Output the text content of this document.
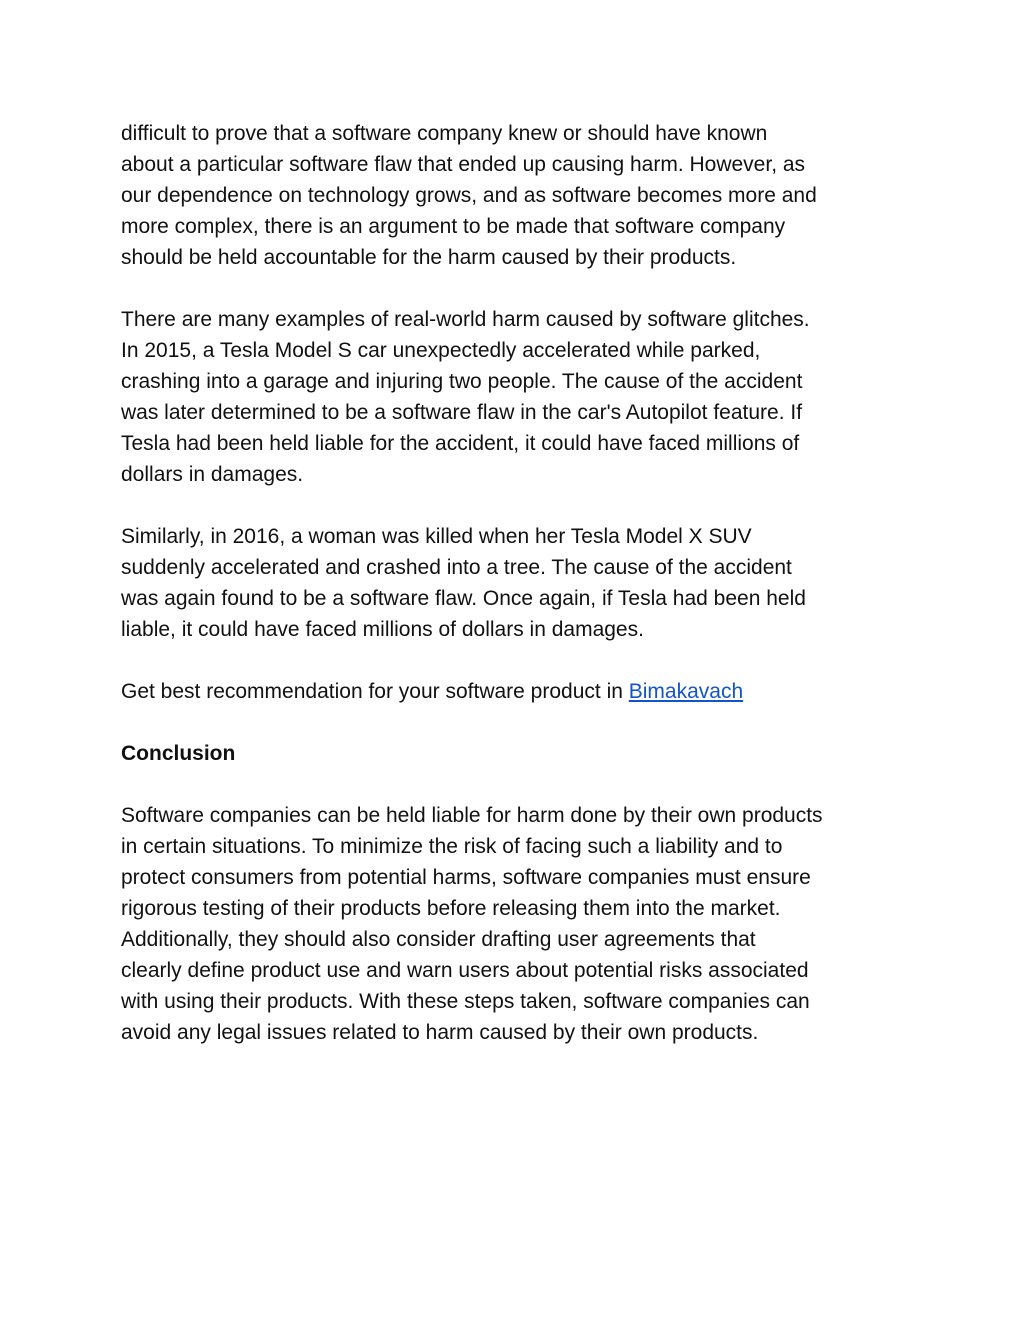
difficult to prove that a software company knew or should have known
about a particular software flaw that ended up causing harm. However, as
our dependence on technology grows, and as software becomes more and
more complex, there is an argument to be made that software company
should be held accountable for the harm caused by their products.

There are many examples of real-world harm caused by software glitches.
In 2015, a Tesla Model S car unexpectedly accelerated while parked,
crashing into a garage and injuring two people. The cause of the accident
was later determined to be a software flaw in the car's Autopilot feature. If
Tesla had been held liable for the accident, it could have faced millions of
dollars in damages.

Similarly, in 2016, a woman was killed when her Tesla Model X SUV
suddenly accelerated and crashed into a tree. The cause of the accident
was again found to be a software flaw. Once again, if Tesla had been held
liable, it could have faced millions of dollars in damages.

Get best recommendation for your software product in Bimakavach

Conclusion

Software companies can be held liable for harm done by their own products
in certain situations. To minimize the risk of facing such a liability and to
protect consumers from potential harms, software companies must ensure
rigorous testing of their products before releasing them into the market.
Additionally, they should also consider drafting user agreements that
clearly define product use and warn users about potential risks associated
with using their products. With these steps taken, software companies can
avoid any legal issues related to harm caused by their own products.
